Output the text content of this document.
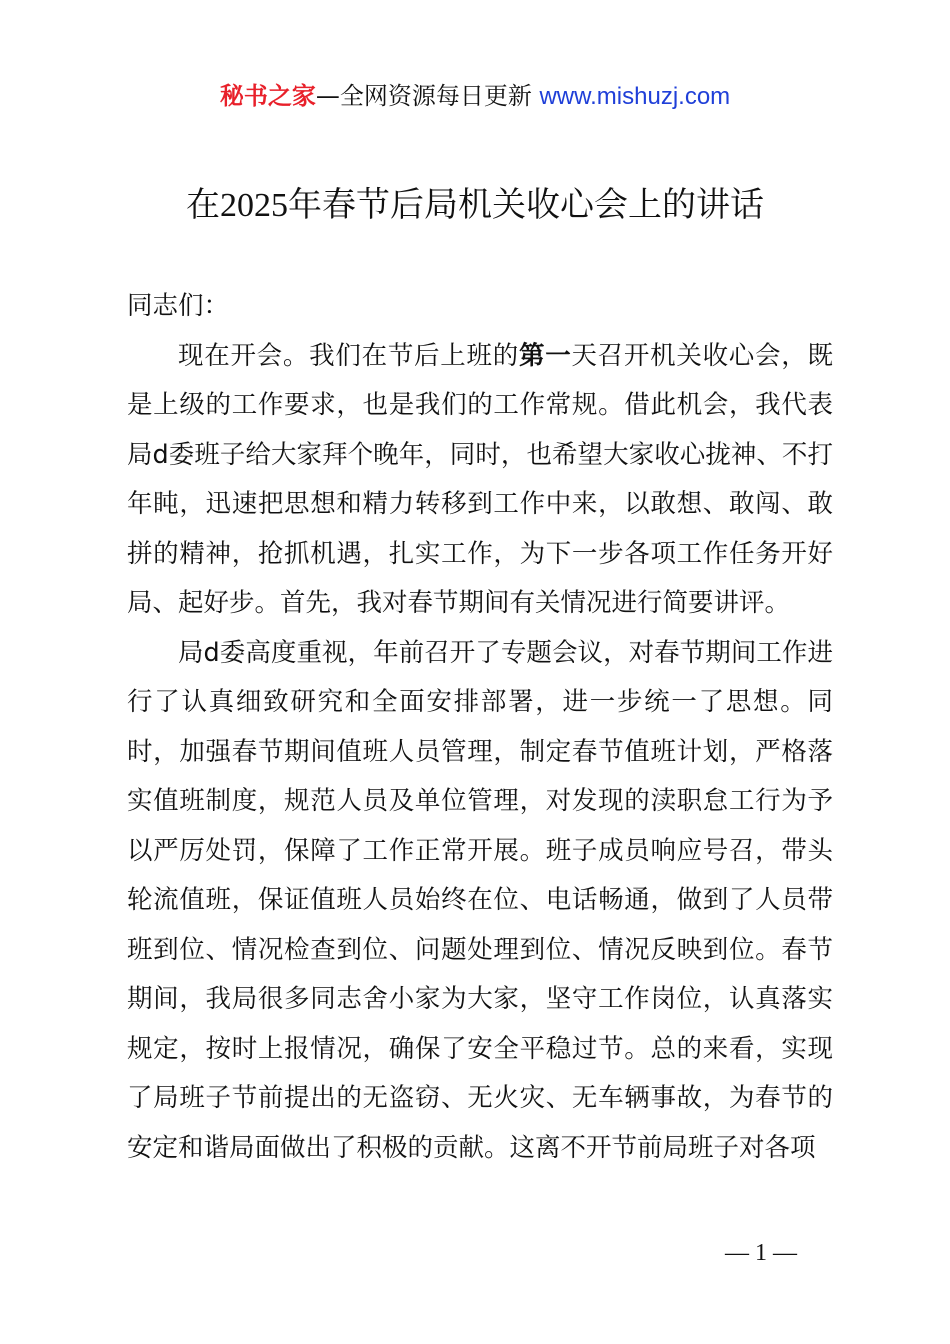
秘书之家—全网资源每日更新 www.mishuzj.com
在2025年春节后局机关收心会上的讲话

同志们：

现在开会。我们在节后上班的第一天召开机关收心会，既是上级的工作要求，也是我们的工作常规。借此机会，我代表局d委班子给大家拜个晚年，同时，也希望大家收心拢神、不打年盹，迅速把思想和精力转移到工作中来，以敢想、敢闯、敢拼的精神，抢抓机遇，扎实工作，为下一步各项工作任务开好局、起好步。首先，我对春节期间有关情况进行简要讲评。

局d委高度重视，年前召开了专题会议，对春节期间工作进行了认真细致研究和全面安排部署，进一步统一了思想。同时，加强春节期间值班人员管理，制定春节值班计划，严格落实值班制度，规范人员及单位管理，对发现的渎职怠工行为予以严厉处罚，保障了工作正常开展。班子成员响应号召，带头轮流值班，保证值班人员始终在位、电话畅通，做到了人员带班到位、情况检查到位、问题处理到位、情况反映到位。春节期间，我局很多同志舍小家为大家，坚守工作岗位，认真落实规定，按时上报情况，确保了安全平稳过节。总的来看，实现了局班子节前提出的无盗窃、无火灾、无车辆事故，为春节的安定和谐局面做出了积极的贡献。这离不开节前局班子对各项

— 1 —
